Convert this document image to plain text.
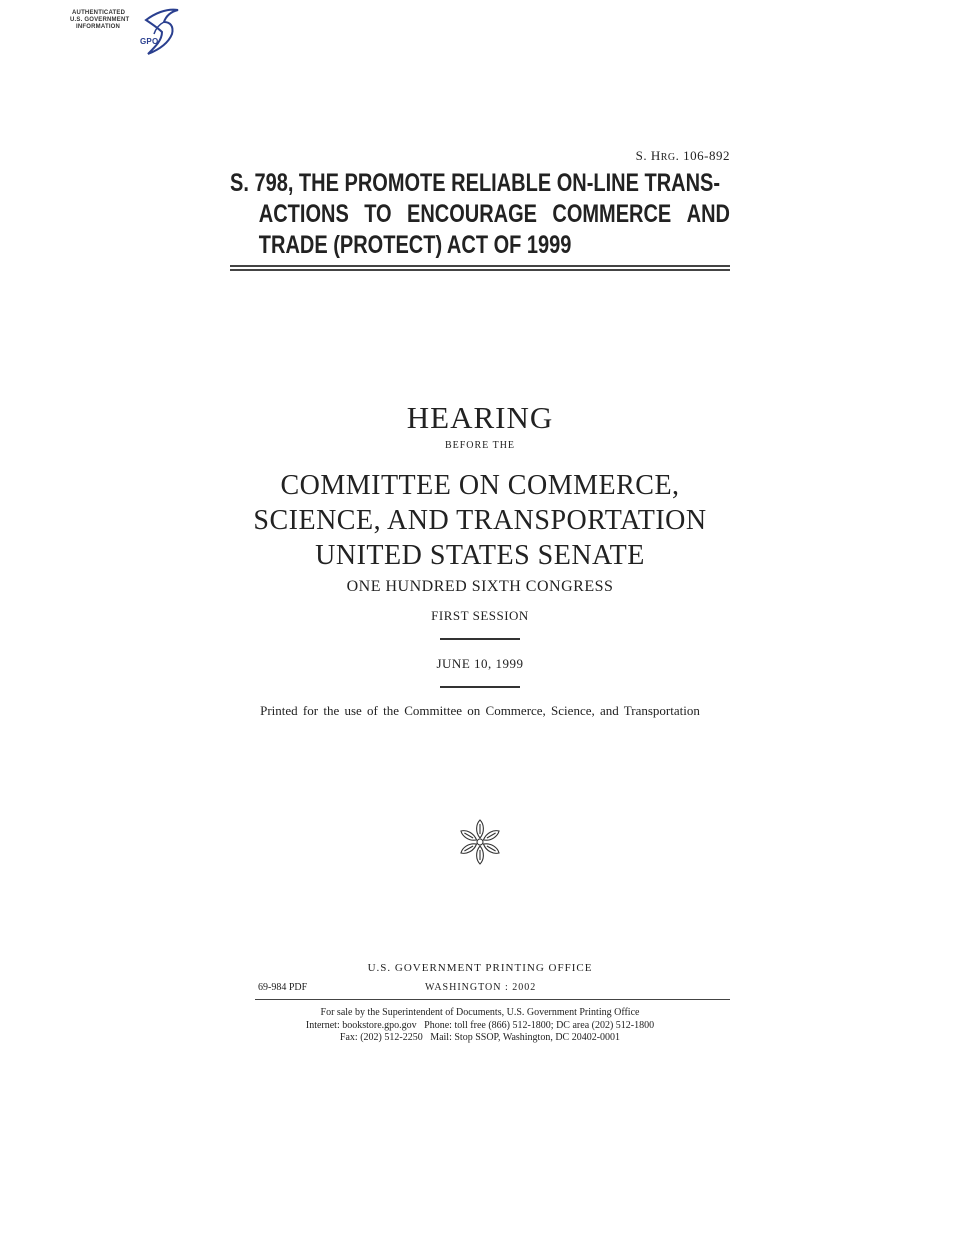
AUTHENTICATED
U.S. GOVERNMENT
INFORMATION
GPO
S. HRG. 106-892
S. 798, THE PROMOTE RELIABLE ON-LINE TRANS-
ACTIONS TO ENCOURAGE COMMERCE AND
TRADE (PROTECT) ACT OF 1999
HEARING
BEFORE THE
COMMITTEE ON COMMERCE,
SCIENCE, AND TRANSPORTATION
UNITED STATES SENATE
ONE HUNDRED SIXTH CONGRESS
FIRST SESSION
JUNE 10, 1999
Printed for the use of the Committee on Commerce, Science, and Transportation
U.S. GOVERNMENT PRINTING OFFICE
69-984 PDF	WASHINGTON : 2002
For sale by the Superintendent of Documents, U.S. Government Printing Office
Internet: bookstore.gpo.gov   Phone: toll free (866) 512-1800; DC area (202) 512-1800
Fax: (202) 512-2250   Mail: Stop SSOP, Washington, DC 20402-0001
